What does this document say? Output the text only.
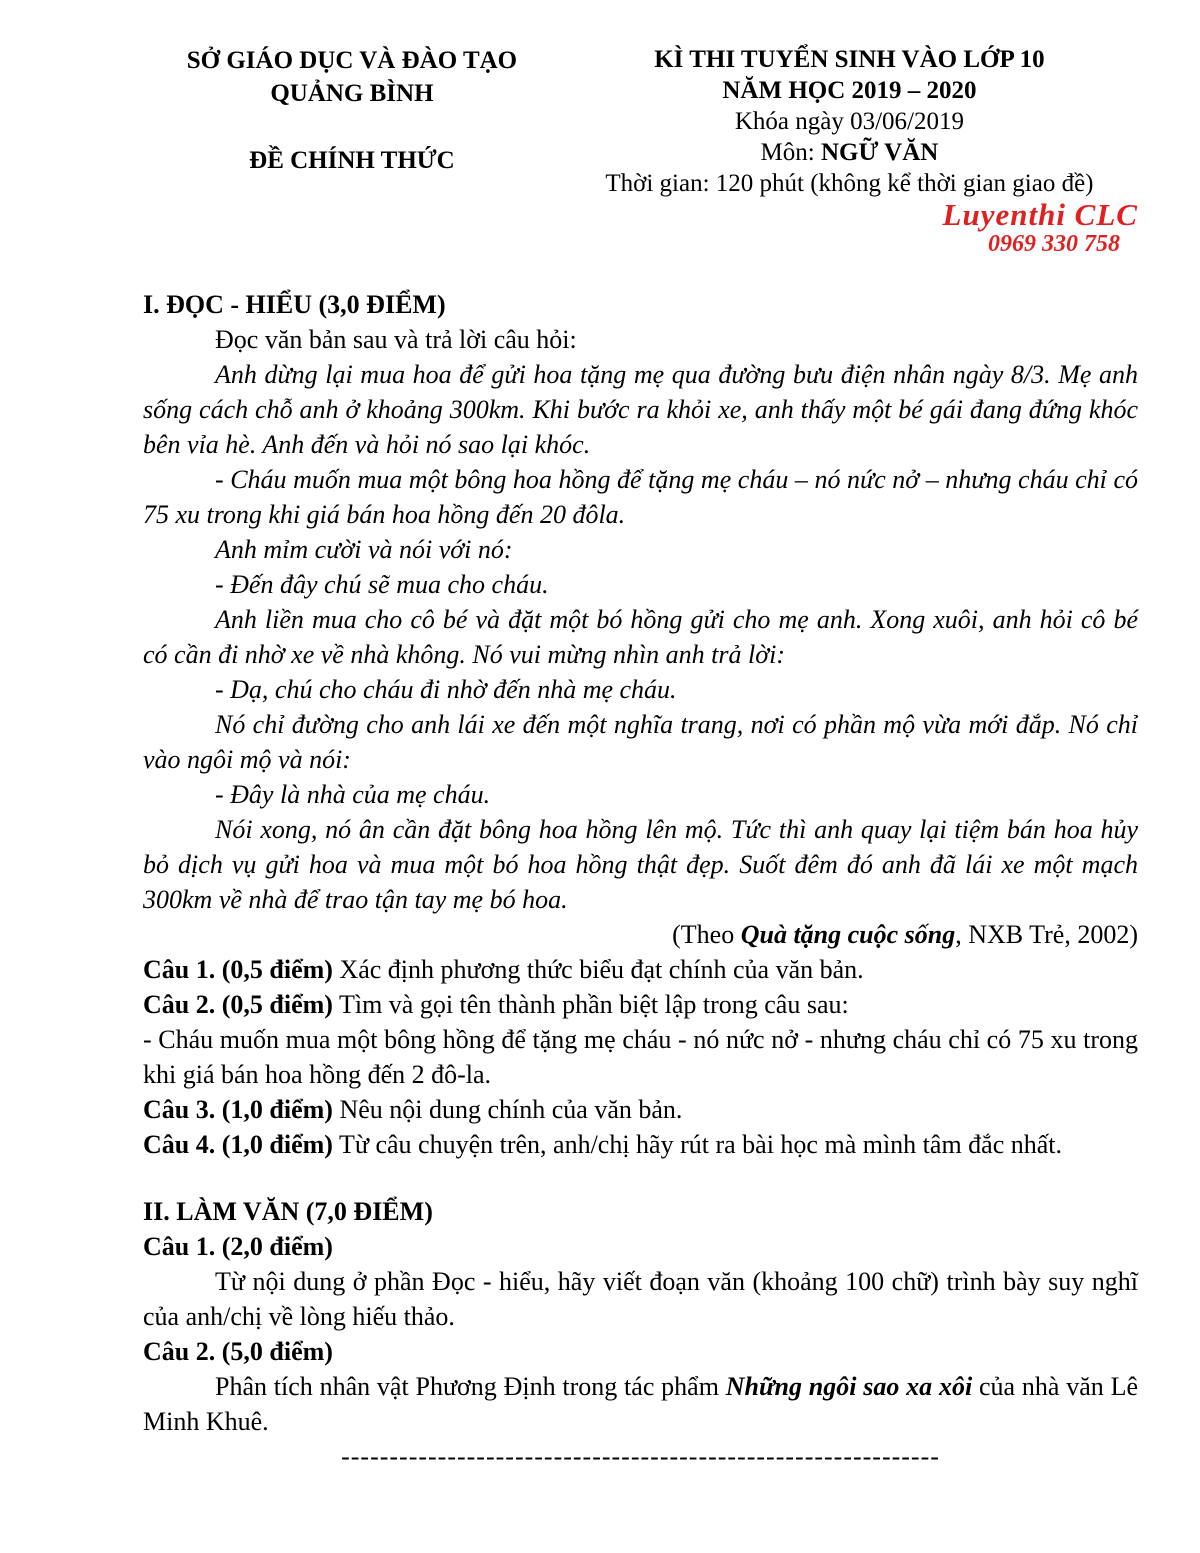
SỞ GIÁO DỤC VÀ ĐÀO TẠO
QUẢNG BÌNH
ĐỀ CHÍNH THỨC
KÌ THI TUYỂN SINH VÀO LỚP 10
NĂM HỌC 2019 – 2020
Khóa ngày 03/06/2019
Môn: NGỮ VĂN
Thời gian: 120 phút (không kể thời gian giao đề)
Luyenthi CLC
0969 330 758

I. ĐỌC - HIỂU (3,0 ĐIỂM)

Đọc văn bản sau và trả lời câu hỏi:

Anh dừng lại mua hoa để gửi hoa tặng mẹ qua đường bưu điện nhân ngày 8/3. Mẹ anh sống cách chỗ anh ở khoảng 300km. Khi bước ra khỏi xe, anh thấy một bé gái đang đứng khóc bên vỉa hè. Anh đến và hỏi nó sao lại khóc.

- Cháu muốn mua một bông hoa hồng để tặng mẹ cháu – nó nức nở – nhưng cháu chỉ có 75 xu trong khi giá bán hoa hồng đến 20 đôla.

Anh mỉm cười và nói với nó:

- Đến đây chú sẽ mua cho cháu.

Anh liền mua cho cô bé và đặt một bó hồng gửi cho mẹ anh. Xong xuôi, anh hỏi cô bé có cần đi nhờ xe về nhà không. Nó vui mừng nhìn anh trả lời:

- Dạ, chú cho cháu đi nhờ đến nhà mẹ cháu.

Nó chỉ đường cho anh lái xe đến một nghĩa trang, nơi có phần mộ vừa mới đắp. Nó chỉ vào ngôi mộ và nói:

- Đây là nhà của mẹ cháu.

Nói xong, nó ân cần đặt bông hoa hồng lên mộ. Tức thì anh quay lại tiệm bán hoa hủy bỏ dịch vụ gửi hoa và mua một bó hoa hồng thật đẹp. Suốt đêm đó anh đã lái xe một mạch 300km về nhà để trao tận tay mẹ bó hoa.

(Theo Quà tặng cuộc sống, NXB Trẻ, 2002)

Câu 1. (0,5 điểm) Xác định phương thức biểu đạt chính của văn bản.

Câu 2. (0,5 điểm) Tìm và gọi tên thành phần biệt lập trong câu sau:

- Cháu muốn mua một bông hồng để tặng mẹ cháu - nó nức nở - nhưng cháu chỉ có 75 xu trong khi giá bán hoa hồng đến 2 đô-la.

Câu 3. (1,0 điểm) Nêu nội dung chính của văn bản.

Câu 4. (1,0 điểm) Từ câu chuyện trên, anh/chị hãy rút ra bài học mà mình tâm đắc nhất.

II. LÀM VĂN (7,0 ĐIỂM)

Câu 1. (2,0 điểm)

Từ nội dung ở phần Đọc - hiểu, hãy viết đoạn văn (khoảng 100 chữ) trình bày suy nghĩ của anh/chị về lòng hiếu thảo.

Câu 2. (5,0 điểm)

Phân tích nhân vật Phương Định trong tác phẩm Những ngôi sao xa xôi của nhà văn Lê Minh Khuê.

--------------------------------------------------------------
